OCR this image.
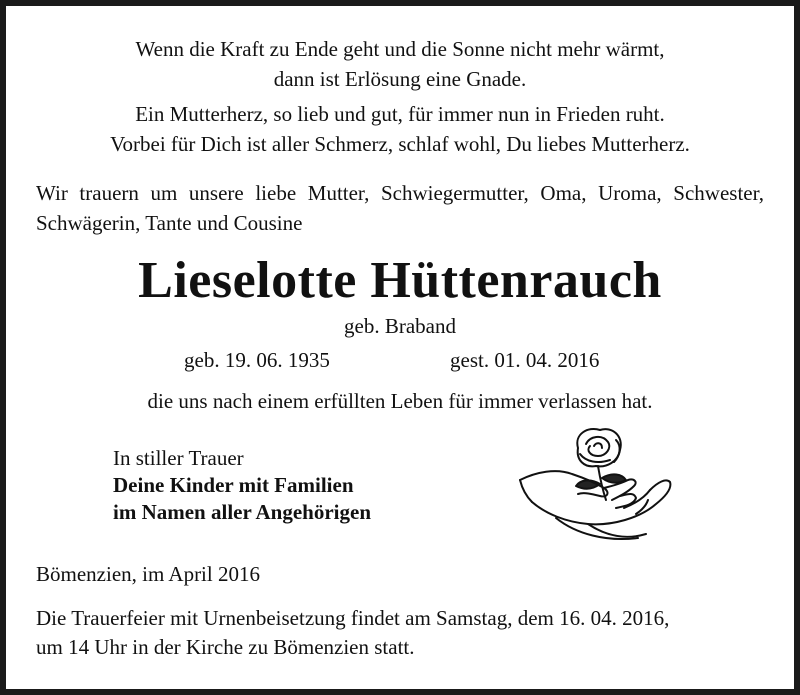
Wenn die Kraft zu Ende geht und die Sonne nicht mehr wärmt,
dann ist Erlösung eine Gnade.
Ein Mutterherz, so lieb und gut, für immer nun in Frieden ruht.
Vorbei für Dich ist aller Schmerz, schlaf wohl, Du liebes Mutterherz.
Wir trauern um unsere liebe Mutter, Schwiegermutter, Oma, Uroma, Schwester, Schwägerin, Tante und Cousine
Lieselotte Hüttenrauch
geb. Braband
geb. 19. 06. 1935	gest. 01. 04. 2016
die uns nach einem erfüllten Leben für immer verlassen hat.
In stiller Trauer
Deine Kinder mit Familien
im Namen aller Angehörigen
Bömenzien, im April 2016
Die Trauerfeier mit Urnenbeisetzung findet am Samstag, dem 16. 04. 2016,
um 14 Uhr in der Kirche zu Bömenzien statt.
